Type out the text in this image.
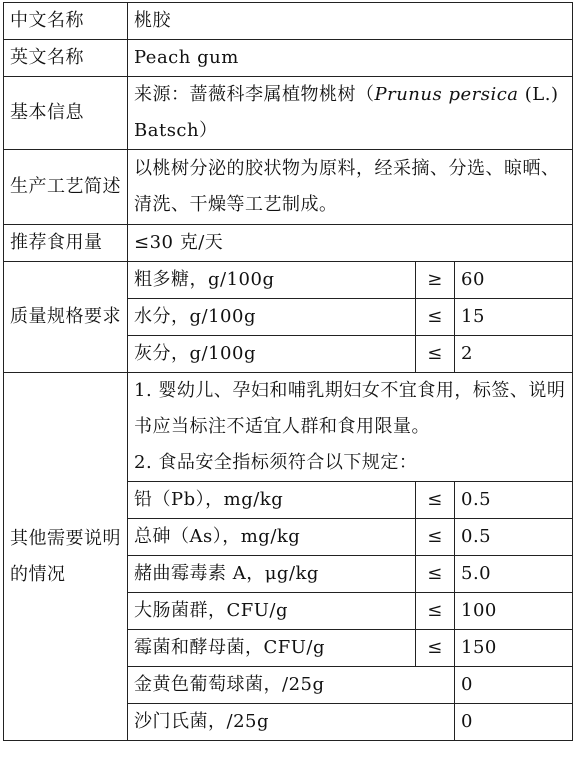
中文名称	桃胶		
英文名称	Peach gum		
基本信息	来源：蔷薇科李属植物桃树（Prunus persica (L.) Batsch）		
生产工艺简述	以桃树分泌的胶状物为原料，经采摘、分选、晾晒、清洗、干燥等工艺制成。		
推荐食用量	≤30 克/天		
质量规格要求	粗多糖，g/100g	≥	60
	水分，g/100g	≤	15
	灰分，g/100g	≤	2
其他需要说明的情况	1. 婴幼儿、孕妇和哺乳期妇女不宜食用，标签、说明书应当标注不适宜人群和食用限量。
2. 食品安全指标须符合以下规定：		

	铅（Pb），mg/kg	≤	0.5
	总砷（As），mg/kg	≤	0.5
	赭曲霉毒素 A，μg/kg	≤	5.0
	大肠菌群，CFU/g	≤	100
	霉菌和酵母菌，CFU/g	≤	150
	金黄色葡萄球菌，/25g		0
	沙门氏菌，/25g		0
